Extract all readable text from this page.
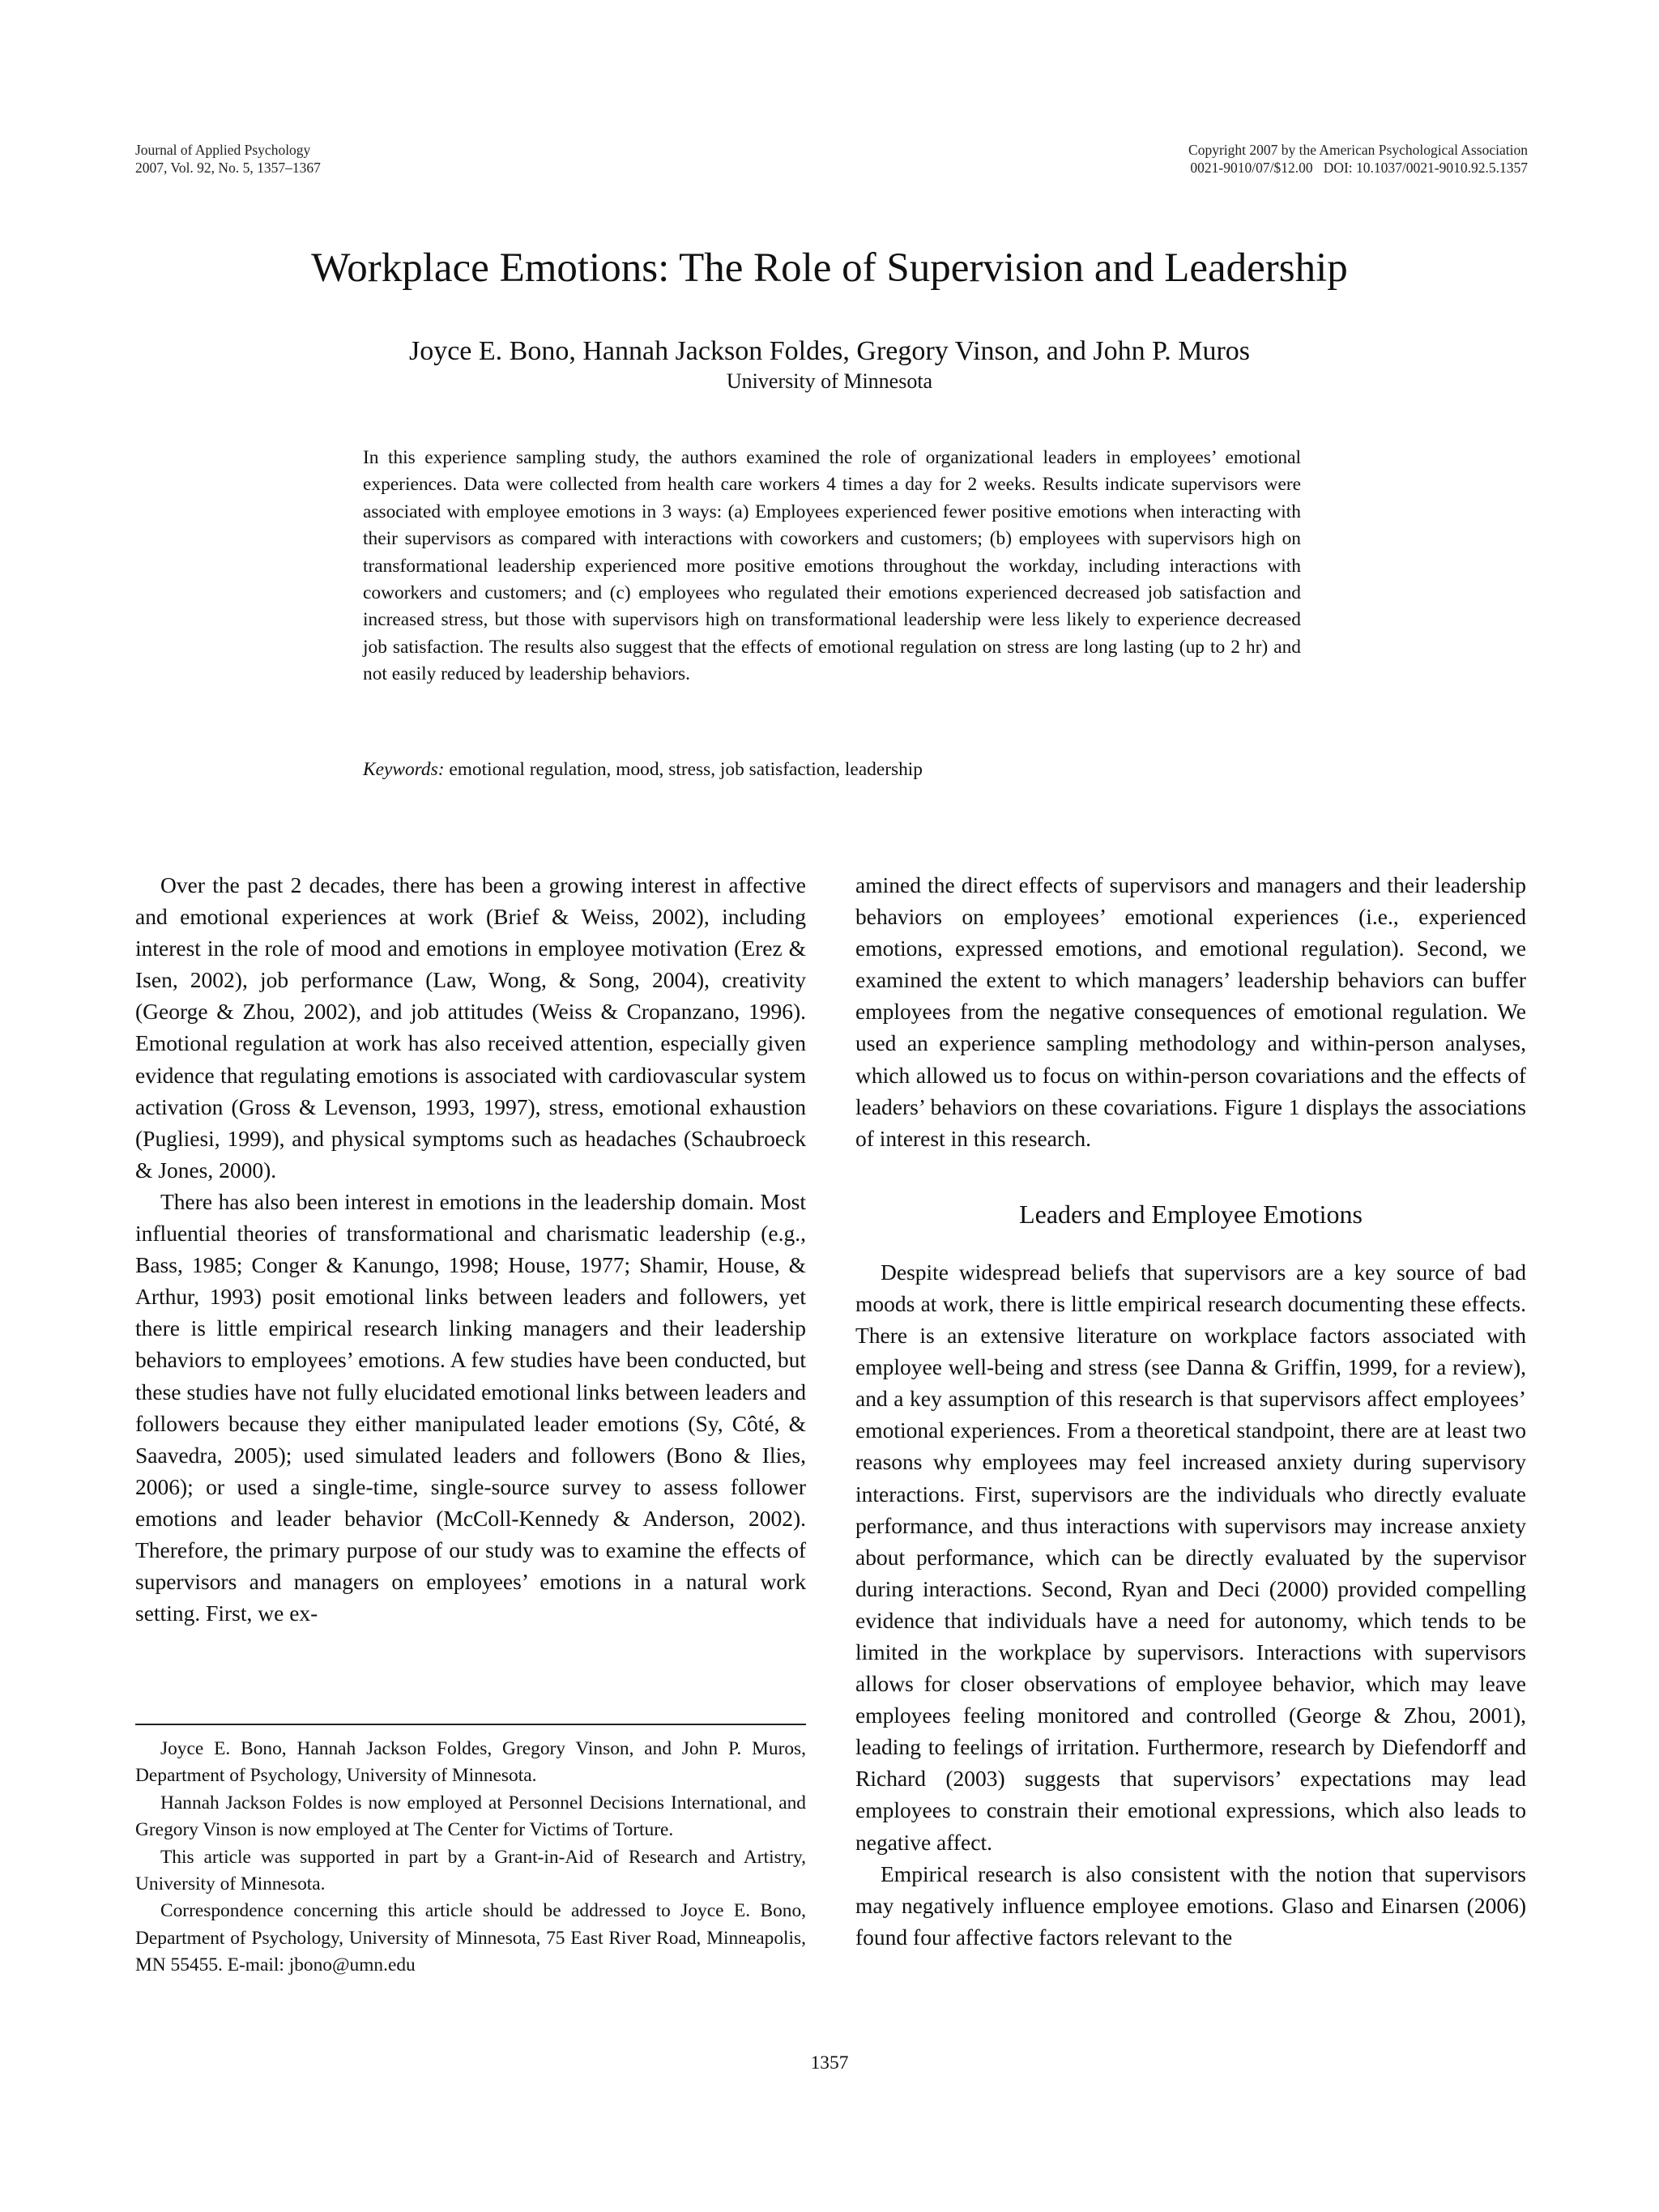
Journal of Applied Psychology
2007, Vol. 92, No. 5, 1357–1367
Copyright 2007 by the American Psychological Association
0021-9010/07/$12.00   DOI: 10.1037/0021-9010.92.5.1357
Workplace Emotions: The Role of Supervision and Leadership
Joyce E. Bono, Hannah Jackson Foldes, Gregory Vinson, and John P. Muros
University of Minnesota

In this experience sampling study, the authors examined the role of organizational leaders in employees’ emotional experiences. Data were collected from health care workers 4 times a day for 2 weeks. Results indicate supervisors were associated with employee emotions in 3 ways: (a) Employees experienced fewer positive emotions when interacting with their supervisors as compared with interactions with coworkers and customers; (b) employees with supervisors high on transformational leadership experienced more positive emotions throughout the workday, including interactions with coworkers and customers; and (c) employees who regulated their emotions experienced decreased job satisfaction and increased stress, but those with supervisors high on transformational leadership were less likely to experience decreased job satisfaction. The results also suggest that the effects of emotional regulation on stress are long lasting (up to 2 hr) and not easily reduced by leadership behaviors.

Keywords: emotional regulation, mood, stress, job satisfaction, leadership

Over the past 2 decades, there has been a growing interest in affective and emotional experiences at work (Brief & Weiss, 2002), including interest in the role of mood and emotions in employee motivation (Erez & Isen, 2002), job performance (Law, Wong, & Song, 2004), creativity (George & Zhou, 2002), and job attitudes (Weiss & Cropanzano, 1996). Emotional regulation at work has also received attention, especially given evidence that regulating emotions is associated with cardiovascular system activation (Gross & Levenson, 1993, 1997), stress, emotional exhaustion (Pugliesi, 1999), and physical symptoms such as headaches (Schaubroeck & Jones, 2000).

There has also been interest in emotions in the leadership domain. Most influential theories of transformational and charismatic leadership (e.g., Bass, 1985; Conger & Kanungo, 1998; House, 1977; Shamir, House, & Arthur, 1993) posit emotional links between leaders and followers, yet there is little empirical research linking managers and their leadership behaviors to employees’ emotions. A few studies have been conducted, but these studies have not fully elucidated emotional links between leaders and followers because they either manipulated leader emotions (Sy, Côté, & Saavedra, 2005); used simulated leaders and followers (Bono & Ilies, 2006); or used a single-time, single-source survey to assess follower emotions and leader behavior (McColl-Kennedy & Anderson, 2002). Therefore, the primary purpose of our study was to examine the effects of supervisors and managers on employees’ emotions in a natural work setting. First, we ex-

amined the direct effects of supervisors and managers and their leadership behaviors on employees’ emotional experiences (i.e., experienced emotions, expressed emotions, and emotional regulation). Second, we examined the extent to which managers’ leadership behaviors can buffer employees from the negative consequences of emotional regulation. We used an experience sampling methodology and within-person analyses, which allowed us to focus on within-person covariations and the effects of leaders’ behaviors on these covariations. Figure 1 displays the associations of interest in this research.

Leaders and Employee Emotions

Despite widespread beliefs that supervisors are a key source of bad moods at work, there is little empirical research documenting these effects. There is an extensive literature on workplace factors associated with employee well-being and stress (see Danna & Griffin, 1999, for a review), and a key assumption of this research is that supervisors affect employees’ emotional experiences. From a theoretical standpoint, there are at least two reasons why employees may feel increased anxiety during supervisory interactions. First, supervisors are the individuals who directly evaluate performance, and thus interactions with supervisors may increase anxiety about performance, which can be directly evaluated by the supervisor during interactions. Second, Ryan and Deci (2000) provided compelling evidence that individuals have a need for autonomy, which tends to be limited in the workplace by supervisors. Interactions with supervisors allows for closer observations of employee behavior, which may leave employees feeling monitored and controlled (George & Zhou, 2001), leading to feelings of irritation. Furthermore, research by Diefendorff and Richard (2003) suggests that supervisors’ expectations may lead employees to constrain their emotional expressions, which also leads to negative affect.

Empirical research is also consistent with the notion that supervisors may negatively influence employee emotions. Glaso and Einarsen (2006) found four affective factors relevant to the

Joyce E. Bono, Hannah Jackson Foldes, Gregory Vinson, and John P. Muros, Department of Psychology, University of Minnesota.

Hannah Jackson Foldes is now employed at Personnel Decisions International, and Gregory Vinson is now employed at The Center for Victims of Torture.

This article was supported in part by a Grant-in-Aid of Research and Artistry, University of Minnesota.

Correspondence concerning this article should be addressed to Joyce E. Bono, Department of Psychology, University of Minnesota, 75 East River Road, Minneapolis, MN 55455. E-mail: jbono@umn.edu

1357
